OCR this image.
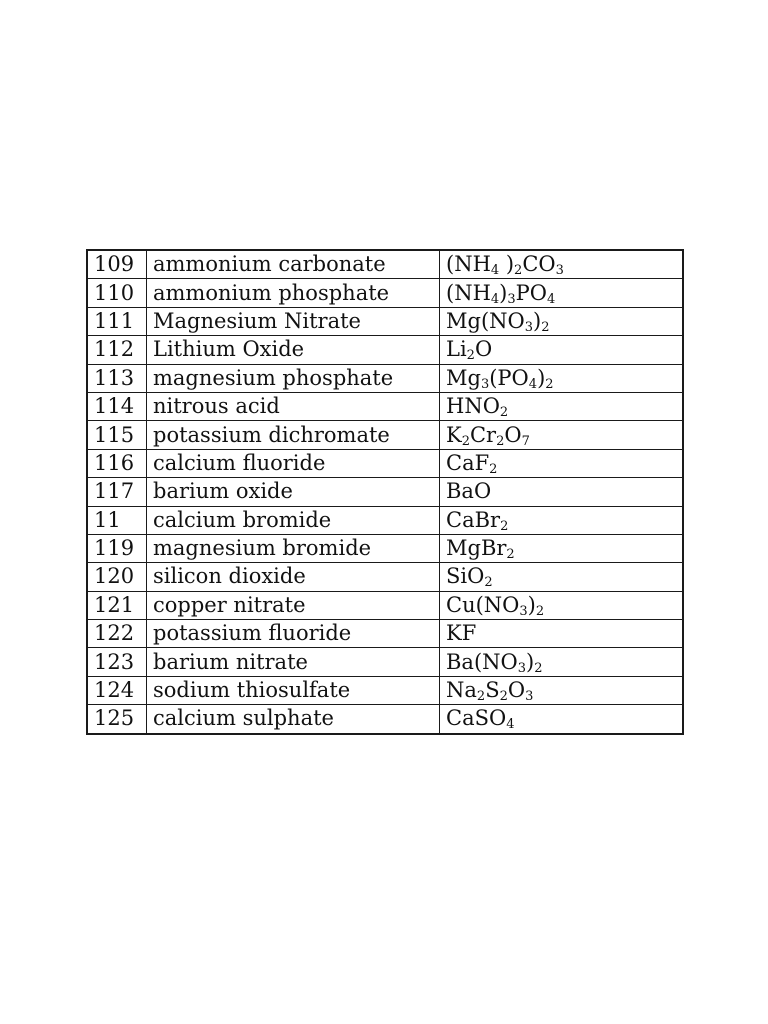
109	ammonium carbonate	($NH_4$ )$_2CO_3$
110	ammonium phosphate	$(NH_4)_3PO_4$
111	Magnesium Nitrate	$Mg(NO_3)_2$
112	Lithium Oxide	$Li_2O$
113	magnesium phosphate	$Mg_3(PO_4)_2$
114	nitrous acid	$HNO_2$
115	potassium dichromate	$K_2Cr_2O_7$
116	calcium fluoride	CaF$_2$
117	barium oxide	BaO
11	calcium bromide	CaBr$_2$
119	magnesium bromide	MgBr$_2$
120	silicon dioxide	SiO$_2$
121	copper nitrate	$Cu(NO_3)_2$
122	potassium fluoride	KF
123	barium nitrate	$Ba(NO_3)_2$
124	sodium thiosulfate	$Na_2S_2O_3$
125	calcium sulphate	CaSO$_4$
